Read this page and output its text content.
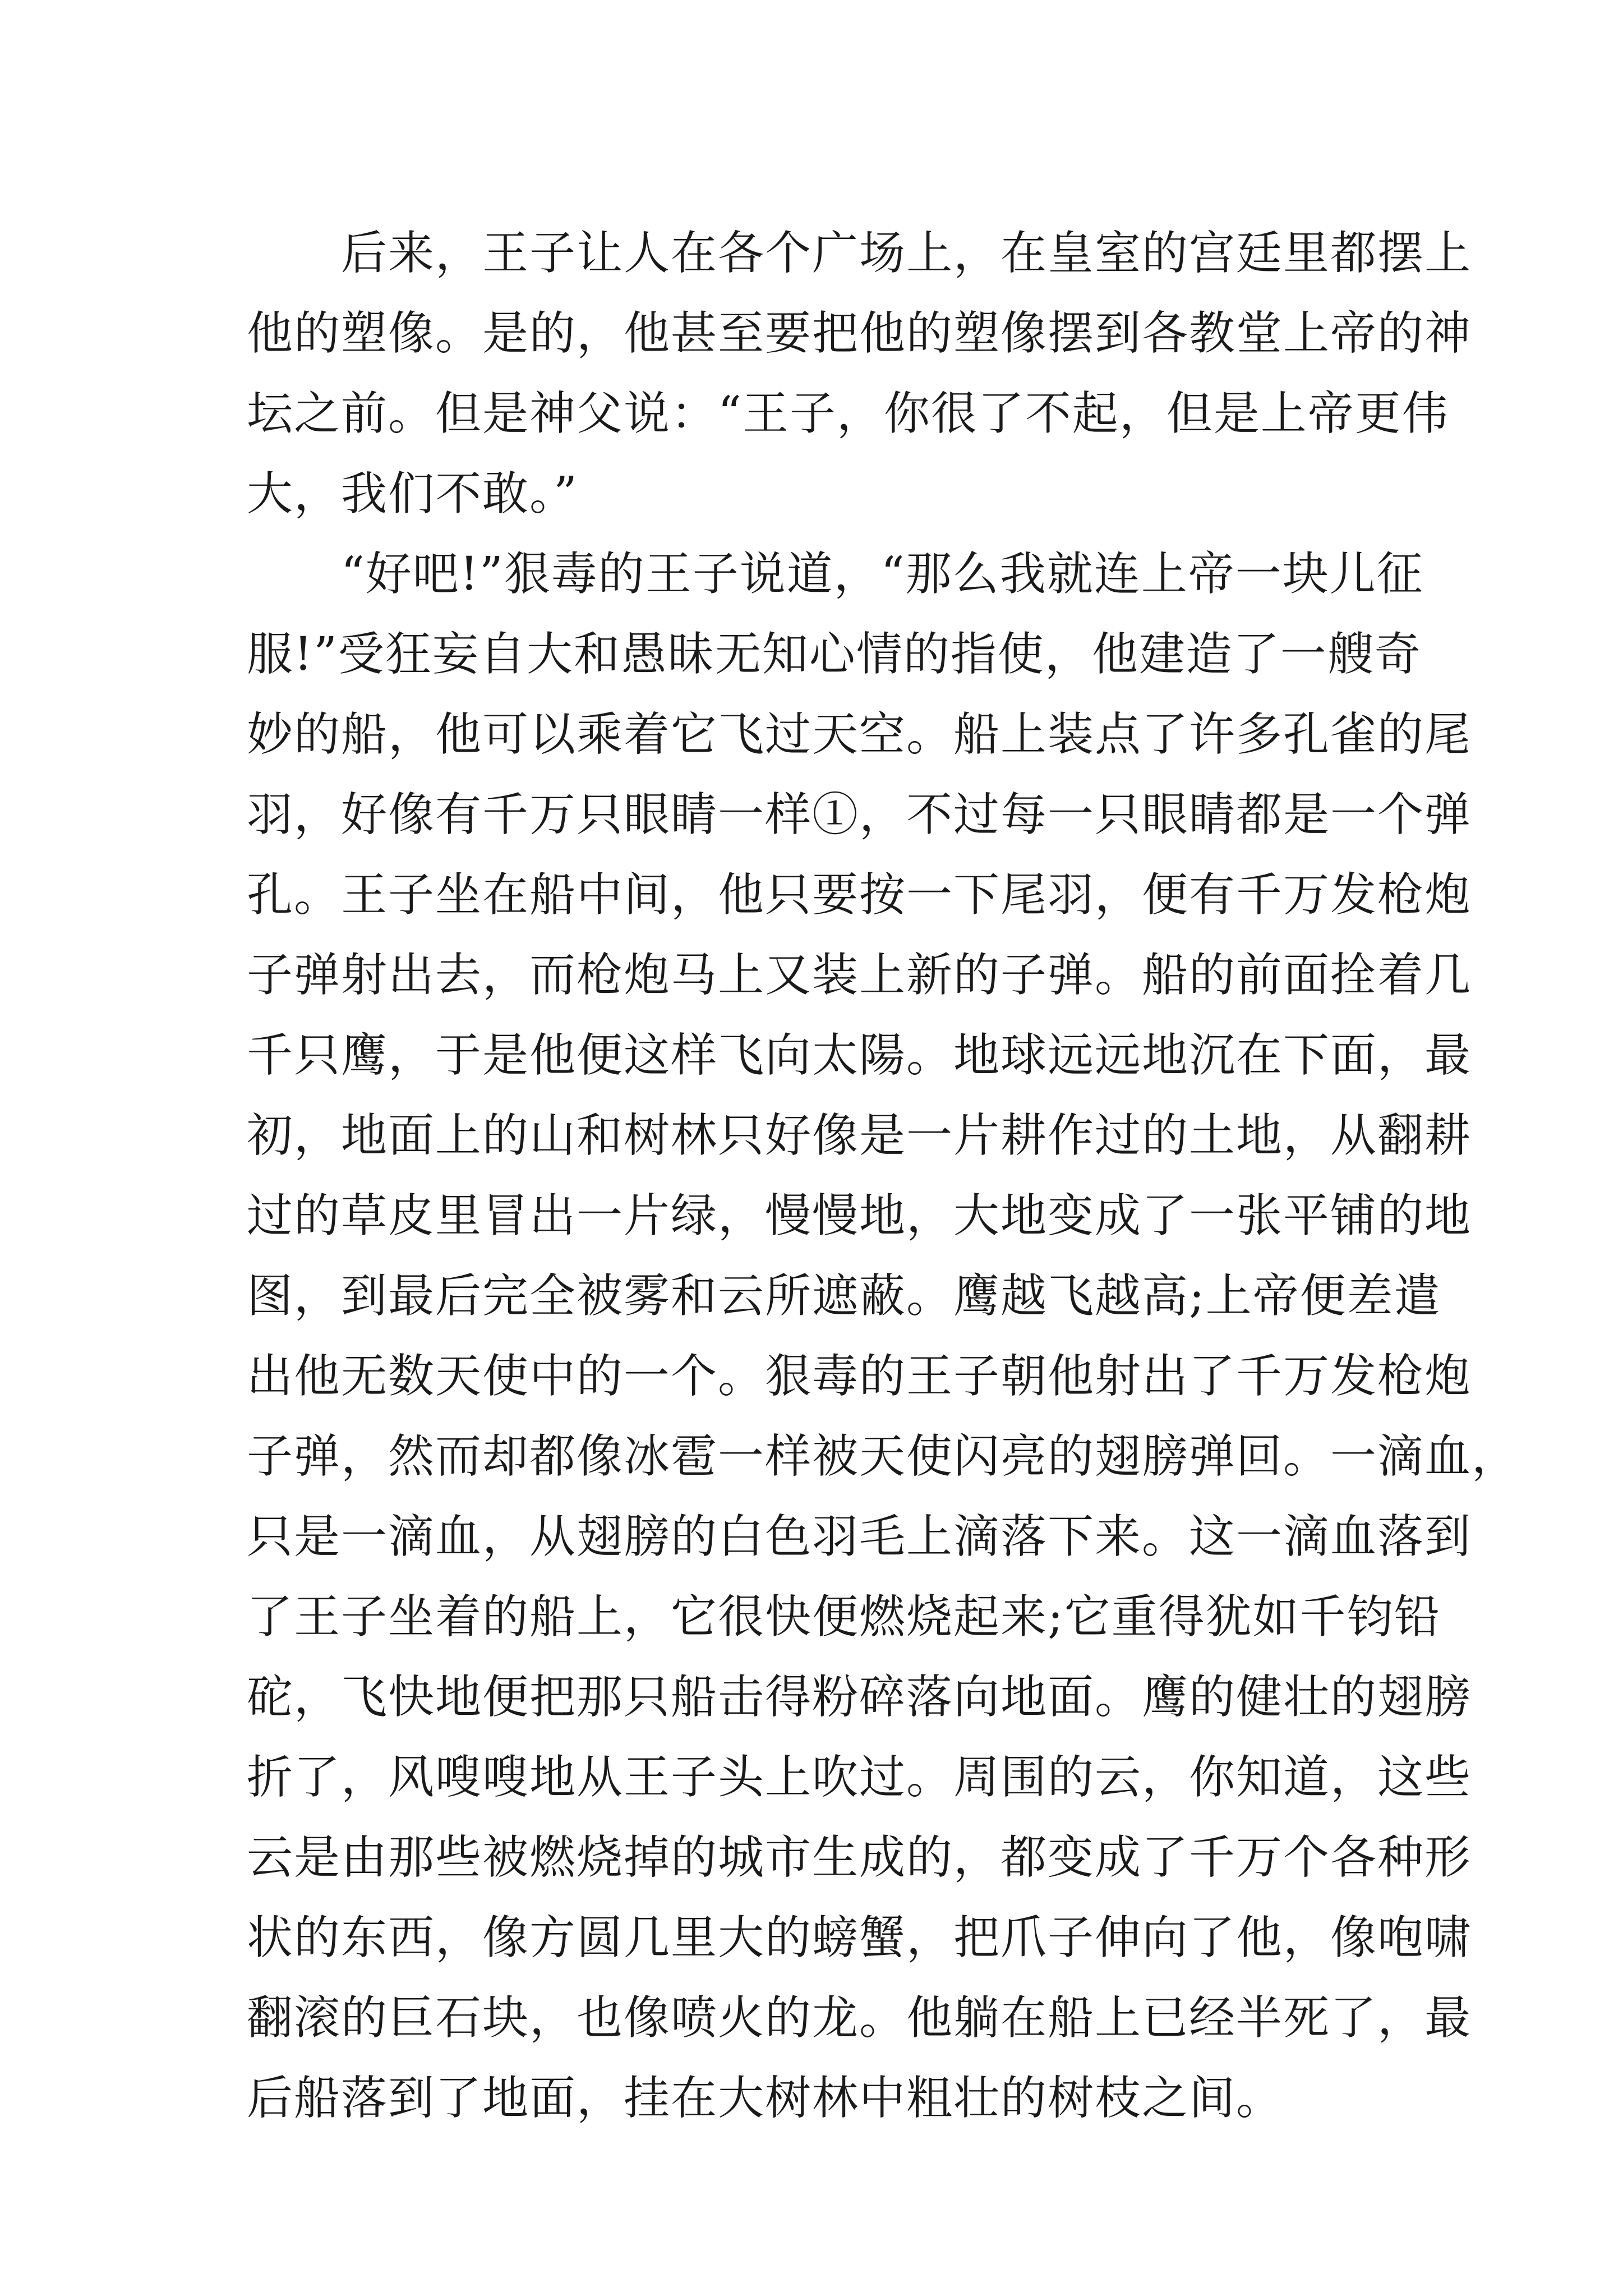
　　后来，王子让人在各个广场上，在皇室的宫廷里都摆上
他的塑像。是的，他甚至要把他的塑像摆到各教堂上帝的神
坛之前。但是神父说：“王子，你很了不起，但是上帝更伟
大，我们不敢。”
　　“好吧!”狠毒的王子说道，“那么我就连上帝一块儿征
服!”受狂妄自大和愚昧无知心情的指使，他建造了一艘奇
妙的船，他可以乘着它飞过天空。船上装点了许多孔雀的尾
羽，好像有千万只眼睛一样①，不过每一只眼睛都是一个弹
孔。王子坐在船中间，他只要按一下尾羽，便有千万发枪炮
子弹射出去，而枪炮马上又装上新的子弹。船的前面拴着几
千只鹰，于是他便这样飞向太陽。地球远远地沉在下面，最
初，地面上的山和树林只好像是一片耕作过的土地，从翻耕
过的草皮里冒出一片绿，慢慢地，大地变成了一张平铺的地
图，到最后完全被雾和云所遮蔽。鹰越飞越高;上帝便差遣
出他无数天使中的一个。狠毒的王子朝他射出了千万发枪炮
子弹，然而却都像冰雹一样被天使闪亮的翅膀弹回。一滴血，
只是一滴血，从翅膀的白色羽毛上滴落下来。这一滴血落到
了王子坐着的船上，它很快便燃烧起来;它重得犹如千钧铅
砣，飞快地便把那只船击得粉碎落向地面。鹰的健壮的翅膀
折了，风嗖嗖地从王子头上吹过。周围的云，你知道，这些
云是由那些被燃烧掉的城市生成的，都变成了千万个各种形
状的东西，像方圆几里大的螃蟹，把爪子伸向了他，像咆啸
翻滚的巨石块，也像喷火的龙。他躺在船上已经半死了，最
后船落到了地面，挂在大树林中粗壮的树枝之间。
